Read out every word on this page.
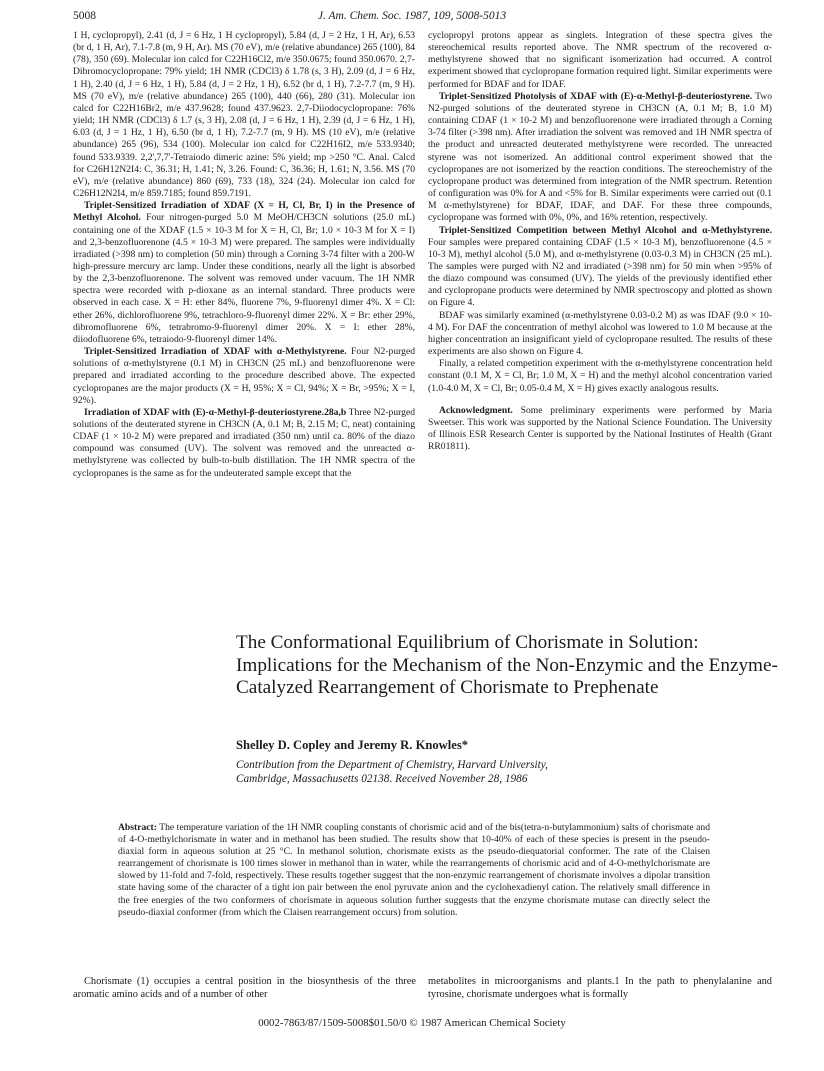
5008	J. Am. Chem. Soc. 1987, 109, 5008-5013

1 H, cyclopropyl), 2.41 (d, J = 6 Hz, 1 H cyclopropyl), 5.84 (d, J = 2 Hz, 1 H, Ar), 6.53 (br d, 1 H, Ar), 7.1-7.8 (m, 9 H, Ar). MS (70 eV), m/e (relative abundance) 265 (100), 84 (78), 350 (69). Molecular ion calcd for C22H16Cl2, m/e 350.0675; found 350.0670. 2,7-Dibromocyclopropane: 79% yield; 1H NMR (CDCl3) δ 1.78 (s, 3 H), 2.09 (d, J = 6 Hz, 1 H), 2.40 (d, J = 6 Hz, 1 H), 5.84 (d, J = 2 Hz, 1 H), 6.52 (br d, 1 H), 7.2-7.7 (m, 9 H). MS (70 eV), m/e (relative abundance) 265 (100), 440 (66), 280 (31). Molecular ion calcd for C22H16Br2, m/e 437.9628; found 437.9623. 2,7-Diiodocyclopropane: 76% yield; 1H NMR (CDCl3) δ 1.7 (s, 3 H), 2.08 (d, J = 6 Hz, 1 H), 2.39 (d, J = 6 Hz, 1 H), 6.03 (d, J = 1 Hz, 1 H), 6.50 (br d, 1 H), 7.2-7.7 (m, 9 H). MS (10 eV), m/e (relative abundance) 265 (96), 534 (100). Molecular ion calcd for C22H16I2, m/e 533.9340; found 533.9339. 2,2',7,7'-Tetraiodo dimeric azine: 5% yield; mp >250 °C. Anal. Calcd for C26H12N2I4: C, 36.31; H, 1.41; N, 3.26. Found: C, 36.36; H, 1.61; N, 3.56. MS (70 eV), m/e (relative abundance) 860 (69), 733 (18), 324 (24). Molecular ion calcd for C26H12N2I4, m/e 859.7185; found 859.7191.

Triplet-Sensitized Irradiation of XDAF (X = H, Cl, Br, I) in the Presence of Methyl Alcohol. Four nitrogen-purged 5.0 M MeOH/CH3CN solutions (25.0 mL) containing one of the XDAF (1.5 × 10-3 M for X = H, Cl, Br; 1.0 × 10-3 M for X = I) and 2,3-benzofluorenone (4.5 × 10-3 M) were prepared. The samples were individually irradiated (>398 nm) to completion (50 min) through a Corning 3-74 filter with a 200-W high-pressure mercury arc lamp. Under these conditions, nearly all the light is absorbed by the 2,3-benzofluorenone. The solvent was removed under vacuum. The 1H NMR spectra were recorded with p-dioxane as an internal standard. Three products were observed in each case. X = H: ether 84%, fluorene 7%, 9-fluorenyl dimer 4%. X = Cl: ether 26%, dichlorofluorene 9%, tetrachloro-9-fluorenyl dimer 22%. X = Br: ether 29%, dibromofluorene 6%, tetrabromo-9-fluorenyl dimer 20%. X = I: ether 28%, diiodofluorene 6%, tetraiodo-9-fluorenyl dimer 14%.

Triplet-Sensitized Irradiation of XDAF with α-Methylstyrene. Four N2-purged solutions of α-methylstyrene (0.1 M) in CH3CN (25 mL) and benzofluorenone were prepared and irradiated according to the procedure described above. The expected cyclopropanes are the major products (X = H, 95%; X = Cl, 94%; X = Br, >95%; X = I, 92%).

Irradiation of XDAF with (E)-α-Methyl-β-deuteriostyrene.28a,b Three N2-purged solutions of the deuterated styrene in CH3CN (A, 0.1 M; B, 2.15 M; C, neat) containing CDAF (1 × 10-2 M) were prepared and irradiated (350 nm) until ca. 80% of the diazo compound was consumed (UV). The solvent was removed and the unreacted α-methylstyrene was collected by bulb-to-bulb distillation. The 1H NMR spectra of the cyclopropanes is the same as for the undeuterated sample except that the

cyclopropyl protons appear as singlets. Integration of these spectra gives the stereochemical results reported above. The NMR spectrum of the recovered α-methylstyrene showed that no significant isomerization had occurred. A control experiment showed that cyclopropane formation required light. Similar experiments were performed for BDAF and for IDAF.

Triplet-Sensitized Photolysis of XDAF with (E)-α-Methyl-β-deuteriostyrene. Two N2-purged solutions of the deuterated styrene in CH3CN (A, 0.1 M; B, 1.0 M) containing CDAF (1 × 10-2 M) and benzofluorenone were irradiated through a Corning 3-74 filter (>398 nm). After irradiation the solvent was removed and 1H NMR spectra of the product and unreacted deuterated methylstyrene were recorded. The unreacted styrene was not isomerized. An additional control experiment showed that the cyclopropanes are not isomerized by the reaction conditions. The stereochemistry of the cyclopropane product was determined from integration of the NMR spectrum. Retention of configuration was 0% for A and <5% for B. Similar experiments were carried out (0.1 M α-methylstyrene) for BDAF, IDAF, and DAF. For these three compounds, cyclopropane was formed with 0%, 0%, and 16% retention, respectively.

Triplet-Sensitized Competition between Methyl Alcohol and α-Methylstyrene. Four samples were prepared containing CDAF (1.5 × 10-3 M), benzofluorenone (4.5 × 10-3 M), methyl alcohol (5.0 M), and α-methylstyrene (0.03-0.3 M) in CH3CN (25 mL). The samples were purged with N2 and irradiated (>398 nm) for 50 min when >95% of the diazo compound was consumed (UV). The yields of the previously identified ether and cyclopropane products were determined by NMR spectroscopy and plotted as shown on Figure 4.

BDAF was similarly examined (α-methylstyrene 0.03-0.2 M) as was IDAF (9.0 × 10-4 M). For DAF the concentration of methyl alcohol was lowered to 1.0 M because at the higher concentration an insignificant yield of cyclopropane resulted. The results of these experiments are also shown on Figure 4.

Finally, a related competition experiment with the α-methylstyrene concentration held constant (0.1 M, X = Cl, Br; 1.0 M, X = H) and the methyl alcohol concentration varied (1.0-4.0 M, X = Cl, Br; 0.05-0.4 M, X = H) gives exactly analogous results.

Acknowledgment. Some preliminary experiments were performed by Maria Sweetser. This work was supported by the National Science Foundation. The University of Illinois ESR Research Center is supported by the National Institutes of Health (Grant RR01811).

The Conformational Equilibrium of Chorismate in Solution: Implications for the Mechanism of the Non-Enzymic and the Enzyme-Catalyzed Rearrangement of Chorismate to Prephenate
Shelley D. Copley and Jeremy R. Knowles*
Contribution from the Department of Chemistry, Harvard University,
Cambridge, Massachusetts 02138. Received November 28, 1986
Abstract: The temperature variation of the 1H NMR coupling constants of chorismic acid and of the bis(tetra-n-butylammonium) salts of chorismate and of 4-O-methylchorismate in water and in methanol has been studied. The results show that 10-40% of each of these species is present in the pseudo-diaxial form in aqueous solution at 25 °C. In methanol solution, chorismate exists as the pseudo-diequatorial conformer. The rate of the Claisen rearrangement of chorismate is 100 times slower in methanol than in water, while the rearrangements of chorismic acid and of 4-O-methylchorismate are slowed by 11-fold and 7-fold, respectively. These results together suggest that the non-enzymic rearrangement of chorismate involves a dipolar transition state having some of the character of a tight ion pair between the enol pyruvate anion and the cyclohexadienyl cation. The relatively small difference in the free energies of the two conformers of chorismate in aqueous solution further suggests that the enzyme chorismate mutase can directly select the pseudo-diaxial conformer (from which the Claisen rearrangement occurs) from solution.

Chorismate (1) occupies a central position in the biosynthesis of the three aromatic amino acids and of a number of other

metabolites in microorganisms and plants.1 In the path to phenylalanine and tyrosine, chorismate undergoes what is formally

0002-7863/87/1509-5008$01.50/0 © 1987 American Chemical Society
